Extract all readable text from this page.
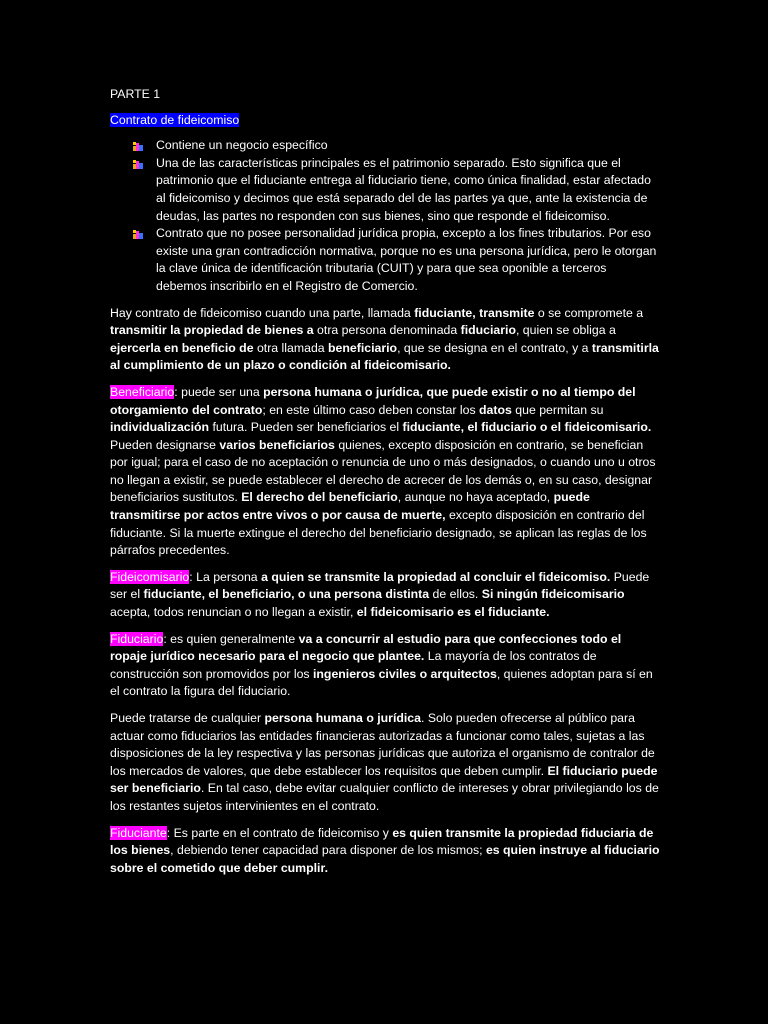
PARTE 1

Contrato de fideicomiso

Contiene un negocio específico
Una de las características principales es el patrimonio separado. Esto significa que el patrimonio que el fiduciante entrega al fiduciario tiene, como única finalidad, estar afectado al fideicomiso y decimos que está separado del de las partes ya que, ante la existencia de deudas, las partes no responden con sus bienes, sino que responde el fideicomiso.
Contrato que no posee personalidad jurídica propia, excepto a los fines tributarios. Por eso existe una gran contradicción normativa, porque no es una persona jurídica, pero le otorgan la clave única de identificación tributaria (CUIT) y para que sea oponible a terceros debemos inscribirlo en el Registro de Comercio.

Hay contrato de fideicomiso cuando una parte, llamada fiduciante, transmite o se compromete a transmitir la propiedad de bienes a otra persona denominada fiduciario, quien se obliga a ejercerla en beneficio de otra llamada beneficiario, que se designa en el contrato, y a transmitirla al cumplimiento de un plazo o condición al fideicomisario.

Beneficiario: puede ser una persona humana o jurídica, que puede existir o no al tiempo del otorgamiento del contrato; en este último caso deben constar los datos que permitan su individualización futura. Pueden ser beneficiarios el fiduciante, el fiduciario o el fideicomisario. Pueden designarse varios beneficiarios quienes, excepto disposición en contrario, se benefician por igual; para el caso de no aceptación o renuncia de uno o más designados, o cuando uno u otros no llegan a existir, se puede establecer el derecho de acrecer de los demás o, en su caso, designar beneficiarios sustitutos. El derecho del beneficiario, aunque no haya aceptado, puede transmitirse por actos entre vivos o por causa de muerte, excepto disposición en contrario del fiduciante. Si la muerte extingue el derecho del beneficiario designado, se aplican las reglas de los párrafos precedentes.

Fideicomisario: La persona a quien se transmite la propiedad al concluir el fideicomiso. Puede ser el fiduciante, el beneficiario, o una persona distinta de ellos. Si ningún fideicomisario acepta, todos renuncian o no llegan a existir, el fideicomisario es el fiduciante.

Fiduciario: es quien generalmente va a concurrir al estudio para que confecciones todo el ropaje jurídico necesario para el negocio que plantee. La mayoría de los contratos de construcción son promovidos por los ingenieros civiles o arquitectos, quienes adoptan para sí en el contrato la figura del fiduciario.

Puede tratarse de cualquier persona humana o jurídica. Solo pueden ofrecerse al público para actuar como fiduciarios las entidades financieras autorizadas a funcionar como tales, sujetas a las disposiciones de la ley respectiva y las personas jurídicas que autoriza el organismo de contralor de los mercados de valores, que debe establecer los requisitos que deben cumplir. El fiduciario puede ser beneficiario. En tal caso, debe evitar cualquier conflicto de intereses y obrar privilegiando los de los restantes sujetos intervinientes en el contrato.

Fiduciante: Es parte en el contrato de fideicomiso y es quien transmite la propiedad fiduciaria de los bienes, debiendo tener capacidad para disponer de los mismos; es quien instruye al fiduciario sobre el cometido que deber cumplir.
